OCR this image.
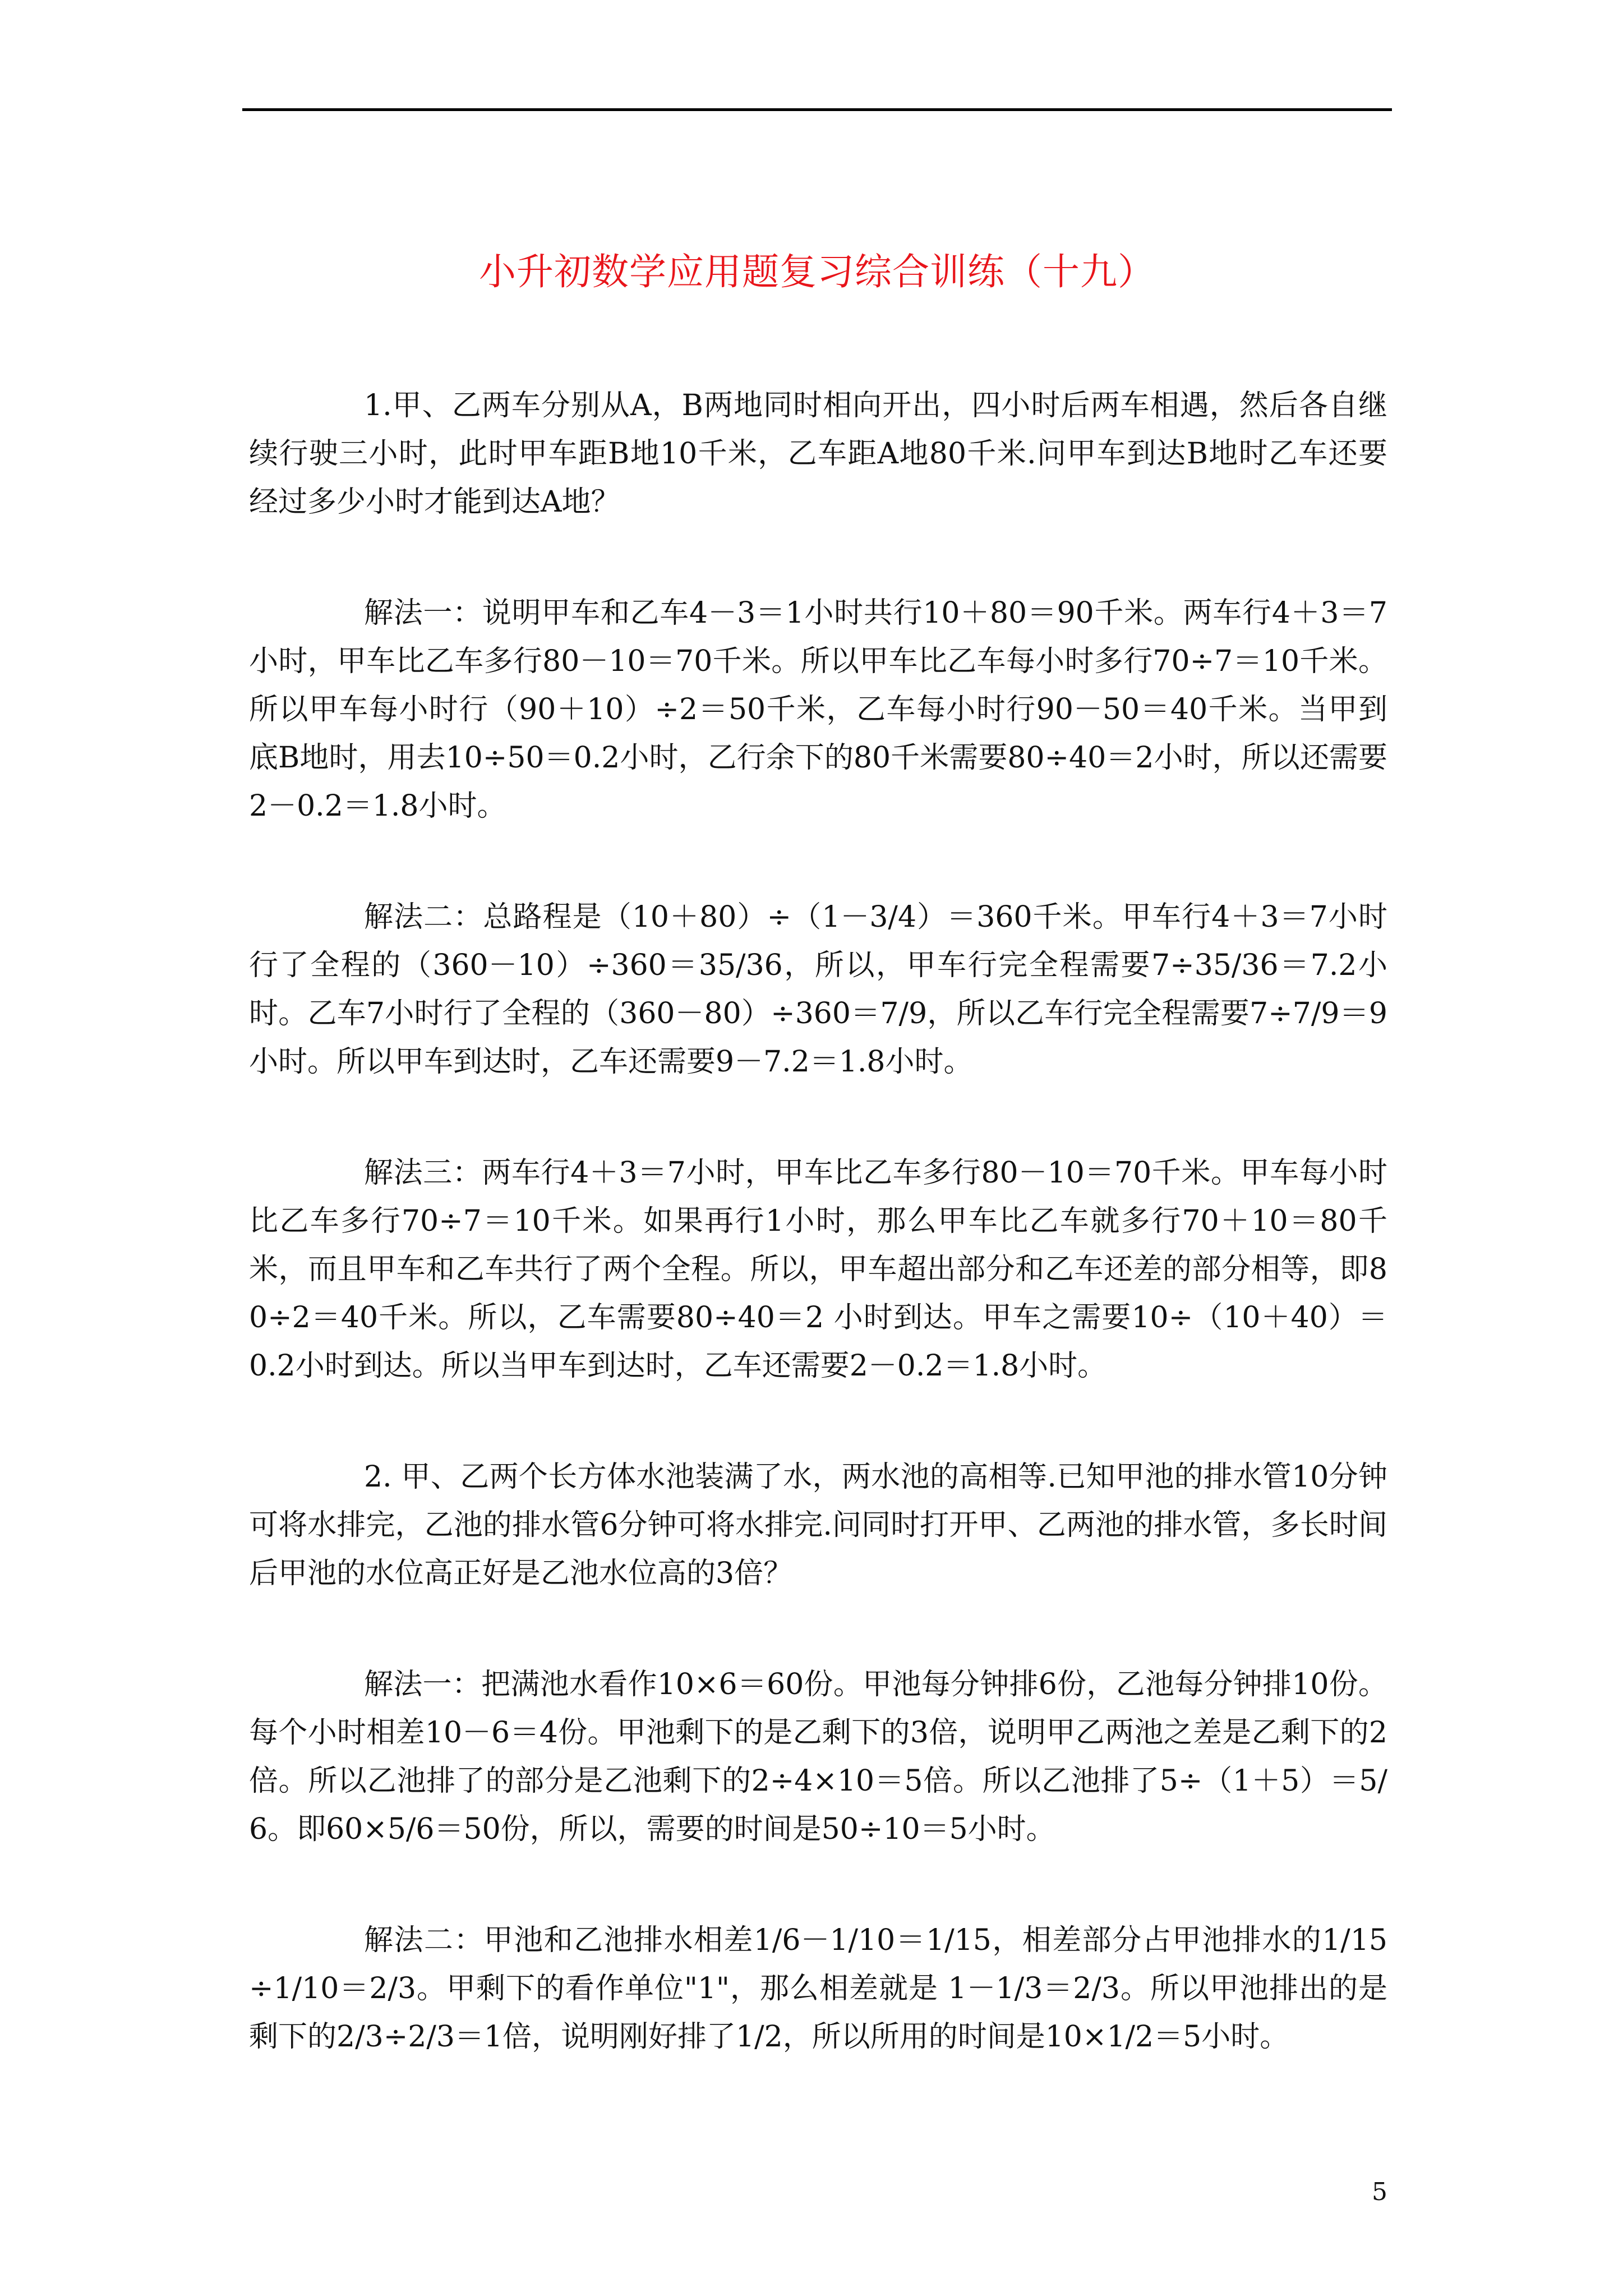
小升初数学应用题复习综合训练（十九）

1.甲、乙两车分别从A，B两地同时相向开出，四小时后两车相遇，然后各自继续行驶三小时，此时甲车距B地10千米，乙车距A地80千米.问甲车到达B地时乙车还要经过多少小时才能到达A地？

解法一：说明甲车和乙车4－3＝1小时共行10＋80＝90千米。两车行4＋3＝7小时，甲车比乙车多行80－10＝70千米。所以甲车比乙车每小时多行70÷7＝10千米。所以甲车每小时行（90＋10）÷2＝50千米，乙车每小时行90－50＝40千米。当甲到底B地时，用去10÷50＝0.2小时，乙行余下的80千米需要80÷40＝2小时，所以还需要2－0.2＝1.8小时。

解法二：总路程是（10＋80）÷（1－3/4）＝360千米。甲车行4＋3＝7小时行了全程的（360－10）÷360＝35/36，所以，甲车行完全程需要7÷35/36＝7.2小时。乙车7小时行了全程的（360－80）÷360＝7/9，所以乙车行完全程需要7÷7/9＝9小时。所以甲车到达时，乙车还需要9－7.2＝1.8小时。

解法三：两车行4＋3＝7小时，甲车比乙车多行80－10＝70千米。甲车每小时比乙车多行70÷7＝10千米。如果再行1小时，那么甲车比乙车就多行70＋10＝80千米，而且甲车和乙车共行了两个全程。所以，甲车超出部分和乙车还差的部分相等，即80÷2＝40千米。所以，乙车需要80÷40＝2 小时到达。甲车之需要10÷（10＋40）＝0.2小时到达。所以当甲车到达时，乙车还需要2－0.2＝1.8小时。

2. 甲、乙两个长方体水池装满了水，两水池的高相等.已知甲池的排水管10分钟可将水排完，乙池的排水管6分钟可将水排完.问同时打开甲、乙两池的排水管，多长时间后甲池的水位高正好是乙池水位高的3倍？

解法一：把满池水看作10×6＝60份。甲池每分钟排6份，乙池每分钟排10份。每个小时相差10－6＝4份。甲池剩下的是乙剩下的3倍，说明甲乙两池之差是乙剩下的2倍。所以乙池排了的部分是乙池剩下的2÷4×10＝5倍。所以乙池排了5÷（1＋5）＝5/6。即60×5/6＝50份，所以，需要的时间是50÷10＝5小时。

解法二：甲池和乙池排水相差1/6－1/10＝1/15，相差部分占甲池排水的1/15÷1/10＝2/3。甲剩下的看作单位"1"，那么相差就是 1－1/3＝2/3。所以甲池排出的是剩下的2/3÷2/3＝1倍，说明刚好排了1/2，所以所用的时间是10×1/2＝5小时。

5
